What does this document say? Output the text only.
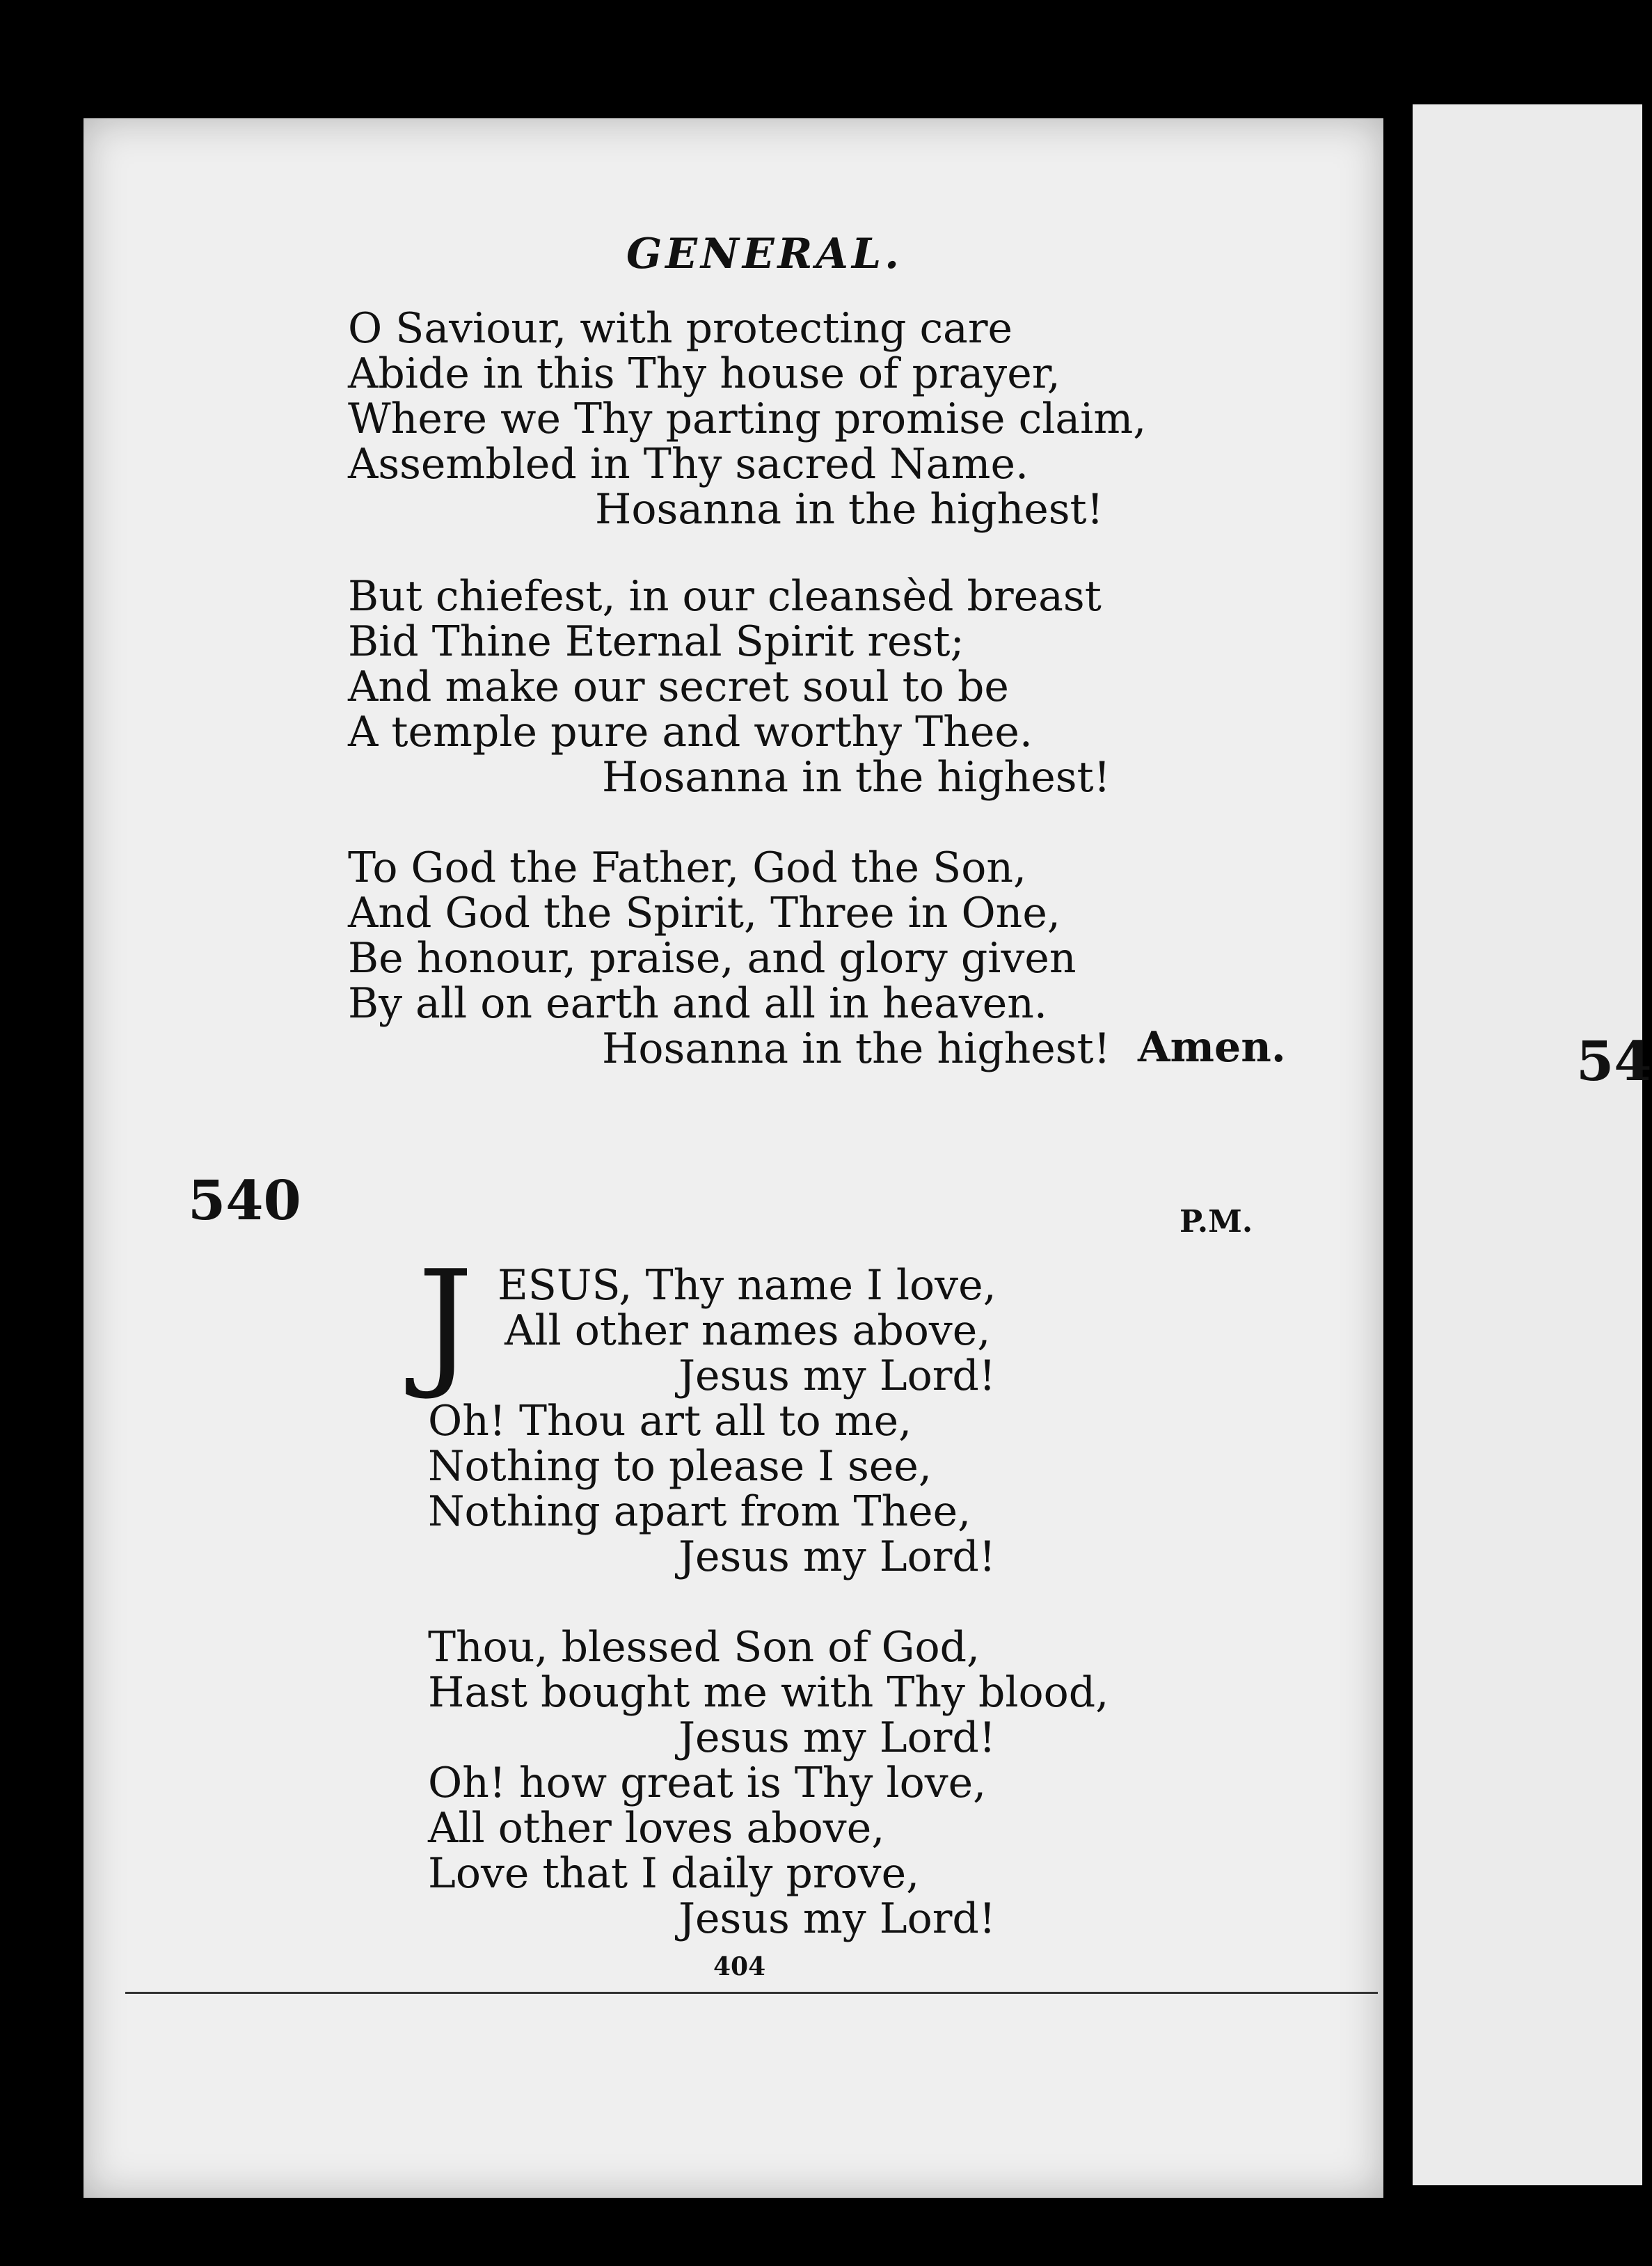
GENERAL.
O Saviour, with protecting care
Abide in this Thy house of prayer,
Where we Thy parting promise claim,
Assembled in Thy sacred Name.
Hosanna in the highest!
But chiefest, in our cleansèd breast
Bid Thine Eternal Spirit rest;
And make our secret soul to be
A temple pure and worthy Thee.
Hosanna in the highest!
To God the Father, God the Son,
And God the Spirit, Three in One,
Be honour, praise, and glory given
By all on earth and all in heaven.
Hosanna in the highest! Amen.
540	P.M.
J ESUS, Thy name I love,
All other names above,
Jesus my Lord!
Oh! Thou art all to me,
Nothing to please I see,
Nothing apart from Thee,
Jesus my Lord!
Thou, blessed Son of God,
Hast bought me with Thy blood,
Jesus my Lord!
Oh! how great is Thy love,
All other loves above,
Love that I daily prove,
Jesus my Lord!
404
54
